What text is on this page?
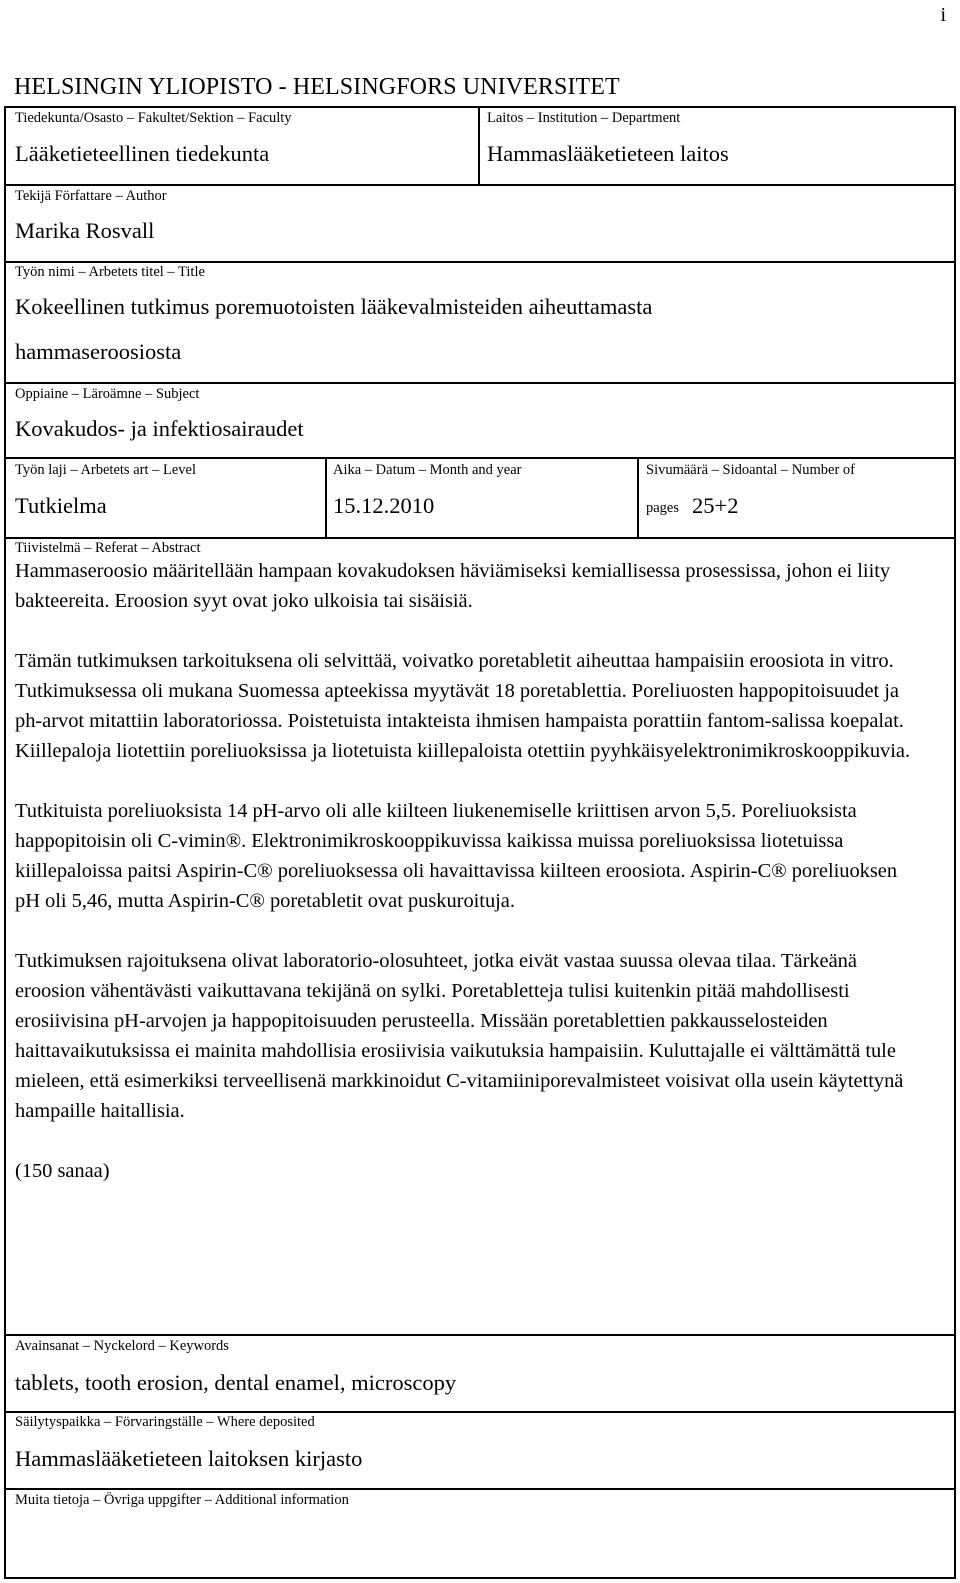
i
HELSINGIN YLIOPISTO - HELSINGFORS UNIVERSITET
Tiedekunta/Osasto – Fakultet/Sektion – Faculty
Lääketieteellinen tiedekunta
Laitos – Institution – Department
Hammaslääketieteen laitos
Tekijä Författare – Author
Marika Rosvall
Työn nimi – Arbetets titel – Title
Kokeellinen tutkimus poremuotoisten lääkevalmisteiden aiheuttamasta
hammaseroosiosta
Oppiaine – Läroämne – Subject
Kovakudos- ja infektiosairaudet
Työn laji – Arbetets art – Level
Tutkielma
Aika – Datum – Month and year
15.12.2010
Sivumäärä – Sidoantal – Number of
pages 25+2
Tiivistelmä – Referat – Abstract

Hammaseroosio määritellään hampaan kovakudoksen häviämiseksi kemiallisessa prosessissa, johon ei liity bakteereita. Eroosion syyt ovat joko ulkoisia tai sisäisiä.

Tämän tutkimuksen tarkoituksena oli selvittää, voivatko poretabletit aiheuttaa hampaisiin eroosiota in vitro. Tutkimuksessa oli mukana Suomessa apteekissa myytävät 18 poretablettia. Poreliuosten happopitoisuudet ja ph-arvot mitattiin laboratoriossa. Poistetuista intakteista ihmisen hampaista porattiin fantom-salissa koepalat. Kiillepaloja liotettiin poreliuoksissa ja liotetuista kiillepaloista otettiin pyyhkäisyelektronimikroskooppikuvia.

Tutkituista poreliuoksista 14 pH-arvo oli alle kiilteen liukenemiselle kriittisen arvon 5,5. Poreliuoksista happopitoisin oli C-vimin®. Elektronimikroskooppikuvissa kaikissa muissa poreliuoksissa liotetuissa kiillepaloissa paitsi Aspirin-C® poreliuoksessa oli havaittavissa kiilteen eroosiota. Aspirin-C® poreliuoksen pH oli 5,46, mutta Aspirin-C® poretabletit ovat puskuroituja.

Tutkimuksen rajoituksena olivat laboratorio-olosuhteet, jotka eivät vastaa suussa olevaa tilaa. Tärkeänä eroosion vähentävästi vaikuttavana tekijänä on sylki. Poretabletteja tulisi kuitenkin pitää mahdollisesti erosiivisina pH-arvojen ja happopitoisuuden perusteella. Missään poretablettien pakkausselosteiden haittavaikutuksissa ei mainita mahdollisia erosiivisia vaikutuksia hampaisiin. Kuluttajalle ei välttämättä tule mieleen, että esimerkiksi terveellisenä markkinoidut C-vitamiiniporevalmisteet voisivat olla usein käytettynä hampaille haitallisia.

(150 sanaa)

Avainsanat – Nyckelord – Keywords
tablets, tooth erosion, dental enamel, microscopy
Säilytyspaikka – Förvaringställe – Where deposited
Hammaslääketieteen laitoksen kirjasto
Muita tietoja – Övriga uppgifter – Additional information
